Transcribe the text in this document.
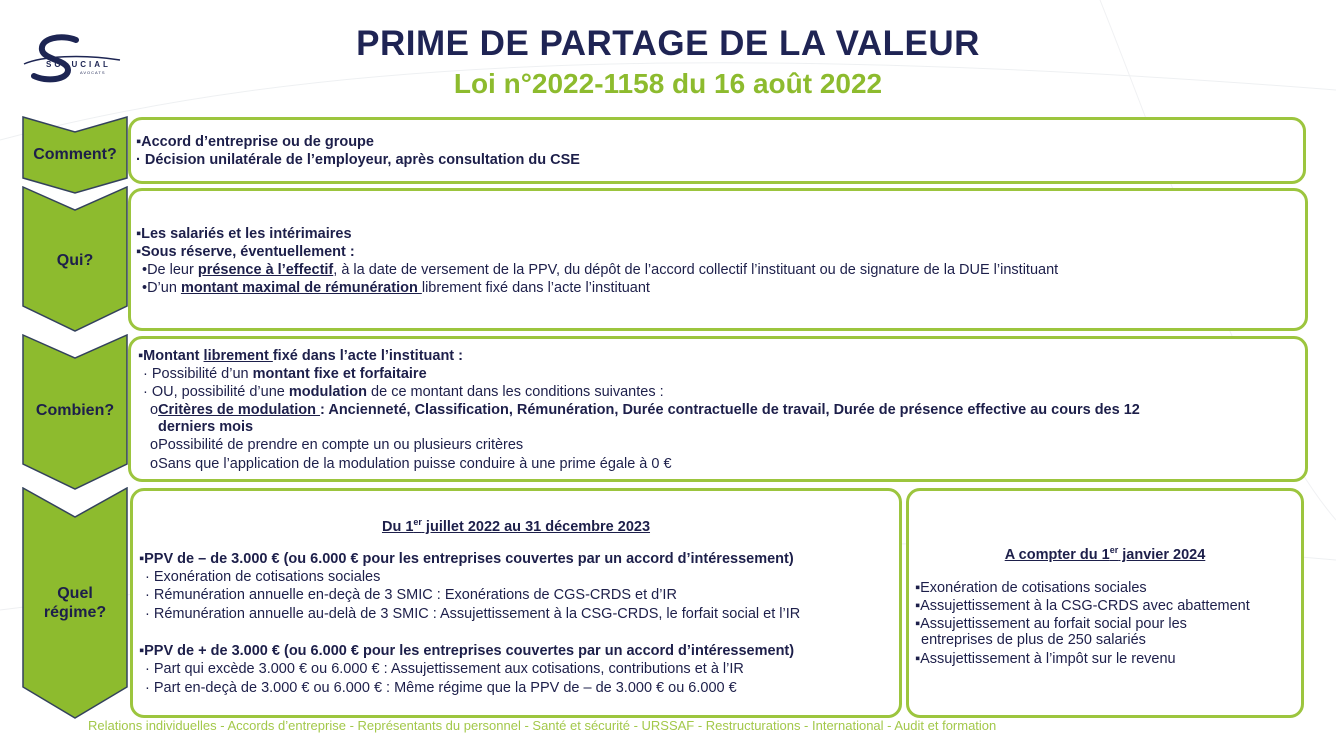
SOLUCIAL
AVOCATS
PRIME DE PARTAGE DE LA VALEUR
Loi n°2022-1158 du 16 août 2022
Comment?
▪Accord d’entreprise ou de groupe
· Décision unilatérale de l’employeur, après consultation du CSE
Qui?
▪Les salariés et les intérimaires
▪Sous réserve, éventuellement :
•De leur présence à l’effectif, à la date de versement de la PPV, du dépôt de l’accord collectif l’instituant ou de signature de la DUE l’instituant
•D’un montant maximal de rémunération librement fixé dans l’acte l’instituant
Combien?
▪Montant librement fixé dans l’acte l’instituant :
· Possibilité d’un montant fixe et forfaitaire
· OU, possibilité d’une modulation de ce montant dans les conditions suivantes :
oCritères de modulation : Ancienneté, Classification, Rémunération, Durée contractuelle de travail, Durée de présence effective au cours des 12
derniers mois
oPossibilité de prendre en compte un ou plusieurs critères
oSans que l’application de la modulation puisse conduire à une prime égale à 0 €
Quel
régime?
Du 1er juillet 2022 au 31 décembre 2023
▪PPV de – de 3.000 € (ou 6.000 € pour les entreprises couvertes par un accord d’intéressement)
· Exonération de cotisations sociales
· Rémunération annuelle en-deçà de 3 SMIC : Exonérations de CGS-CRDS et d’IR
· Rémunération annuelle au-delà de 3 SMIC : Assujettissement à la CSG-CRDS, le forfait social et l’IR
▪PPV de + de 3.000 € (ou 6.000 € pour les entreprises couvertes par un accord d’intéressement)
· Part qui excède 3.000 € ou 6.000 € : Assujettissement aux cotisations, contributions et à l’IR
· Part en-deçà de 3.000 € ou 6.000 € : Même régime que la PPV de – de 3.000 € ou 6.000 €
A compter du 1er janvier 2024
▪Exonération de cotisations sociales
▪Assujettissement à la CSG-CRDS avec abattement
▪Assujettissement au forfait social pour les
entreprises de plus de 250 salariés
▪Assujettissement à l’impôt sur le revenu
Relations individuelles - Accords d’entreprise - Représentants du personnel - Santé et sécurité - URSSAF - Restructurations - International - Audit et formation
